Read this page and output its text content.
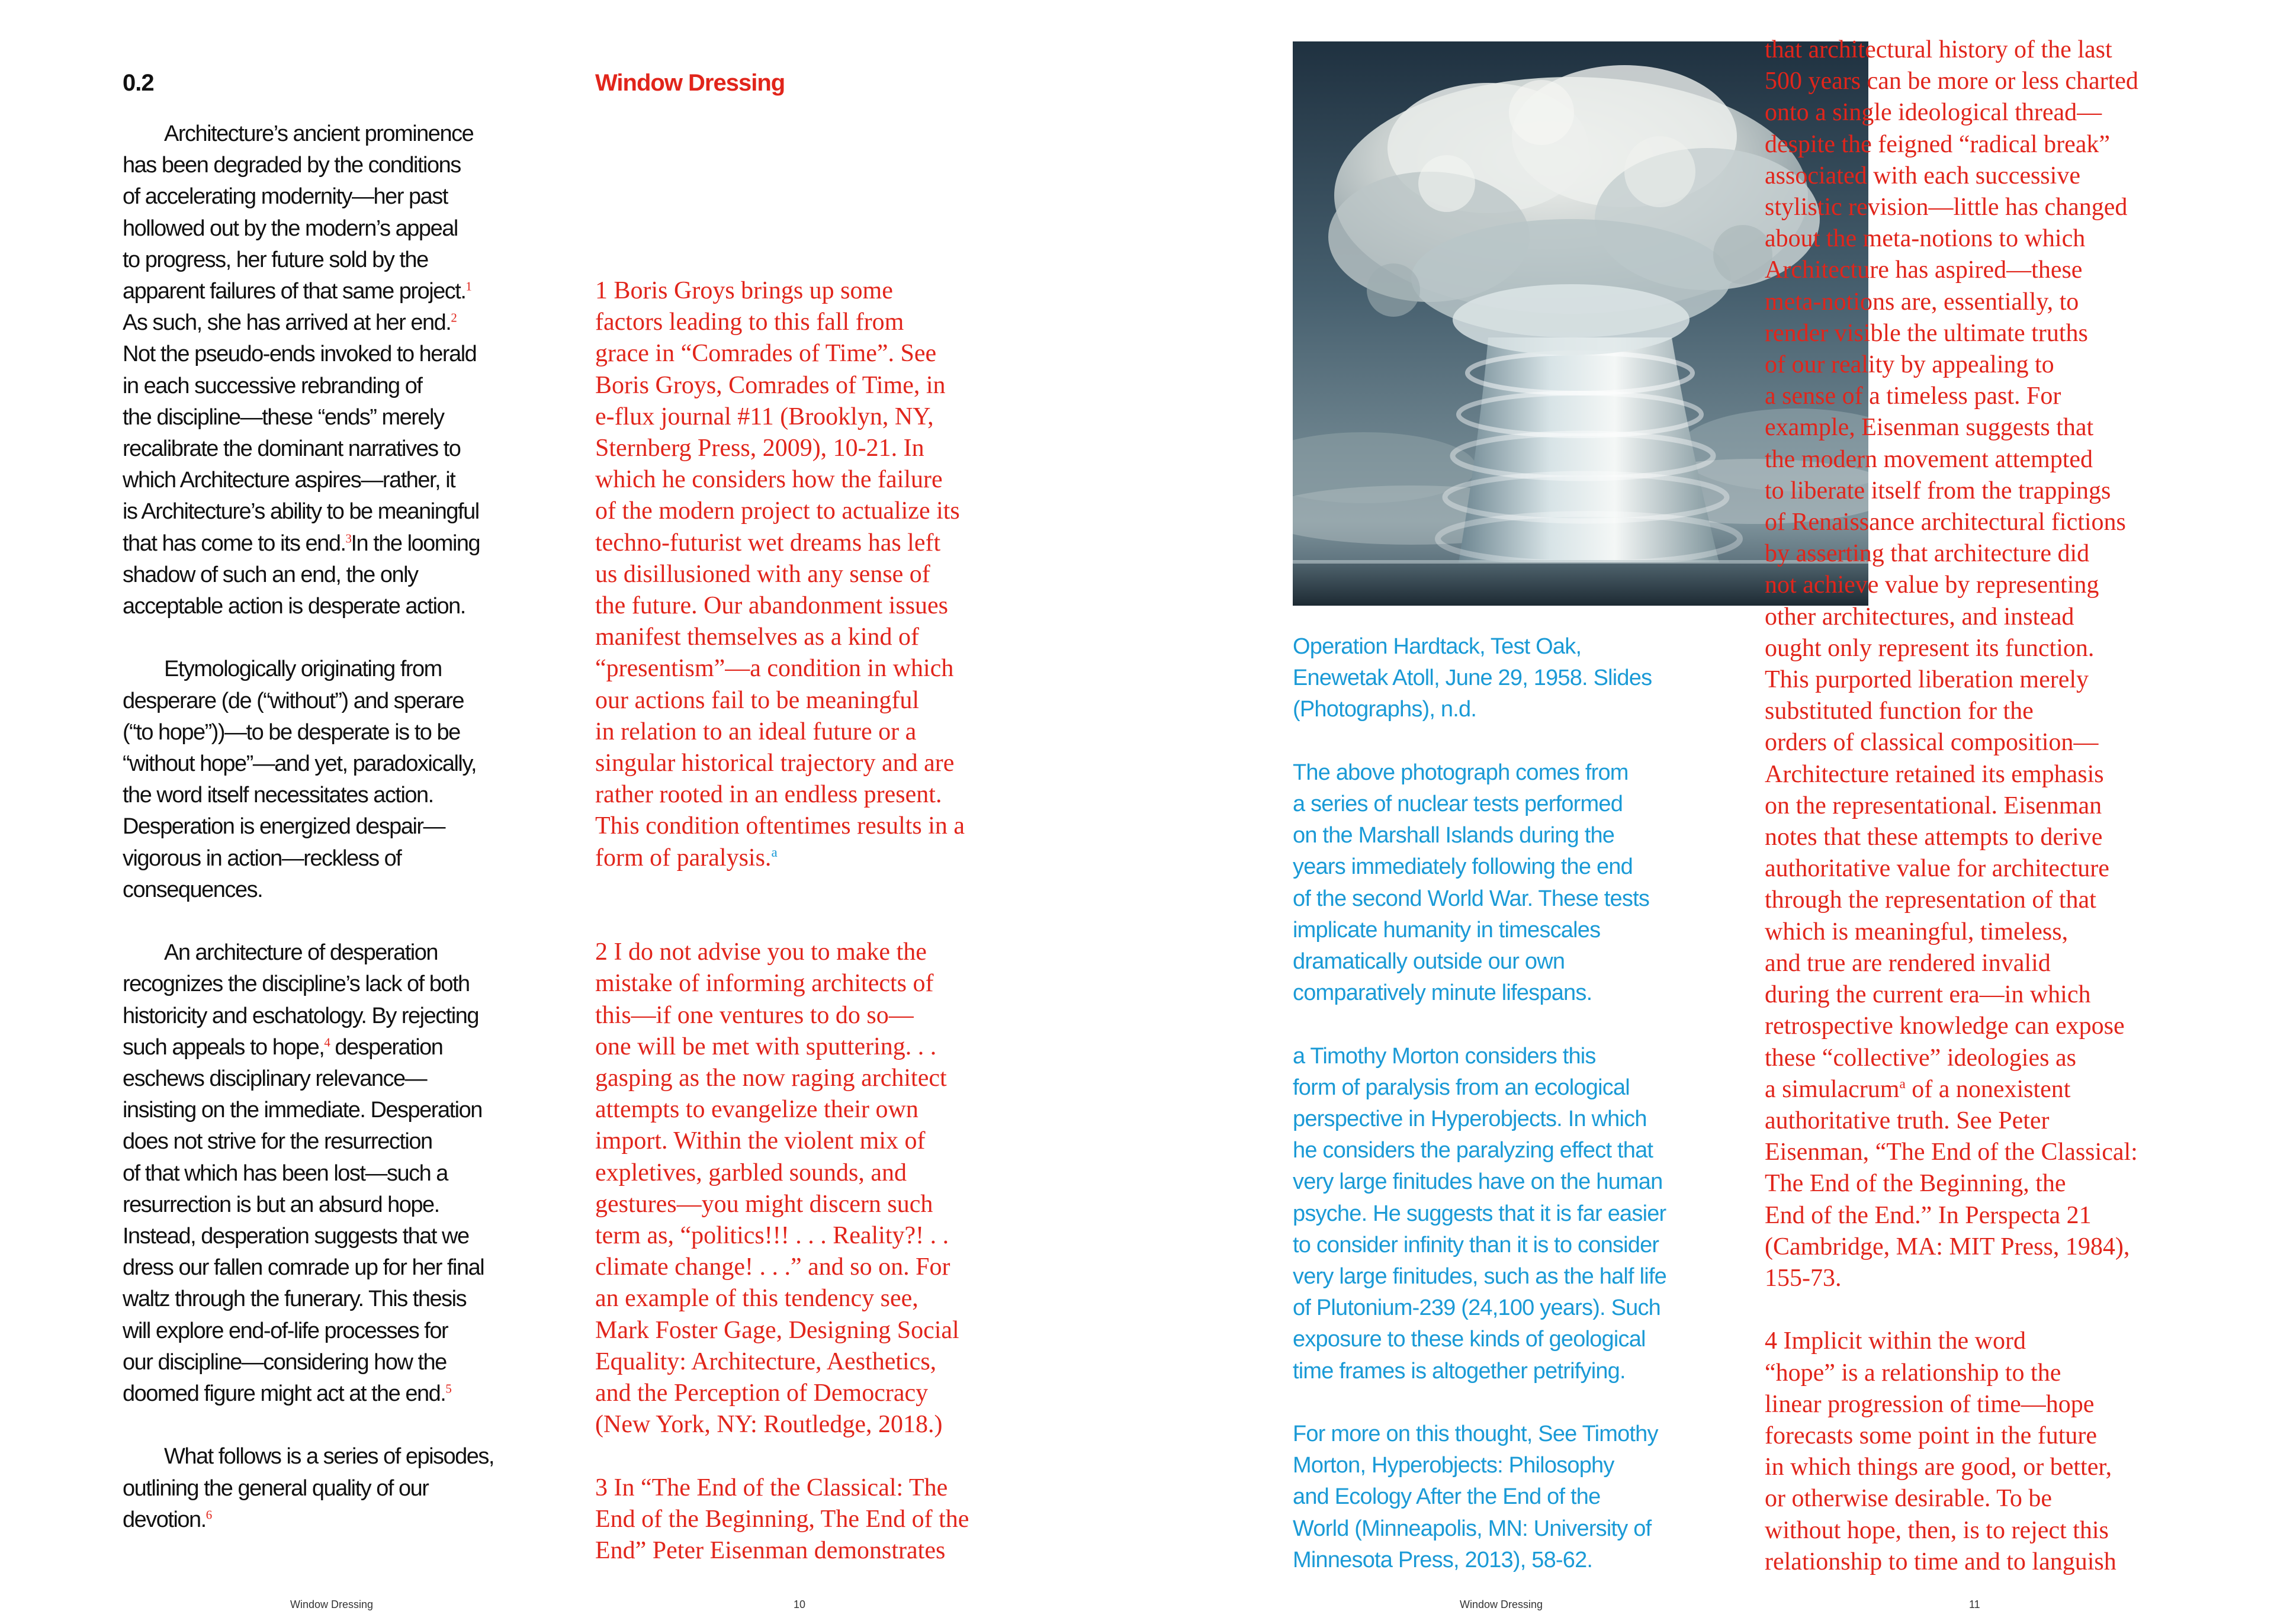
0.2	Window Dressing

Architecture’s ancient prominence
has been degraded by the conditions
of accelerating modernity—her past
hollowed out by the modern’s appeal
to progress, her future sold by the
apparent failures of that same project.$^1$
As such, she has arrived at her end.$^2$
Not the pseudo-ends invoked to herald
in each successive rebranding of
the discipline—these “ends” merely
recalibrate the dominant narratives to
which Architecture aspires—rather, it
is Architecture’s ability to be meaningful
that has come to its end.$^3$In the looming
shadow of such an end, the only
acceptable action is desperate action.

Etymologically originating from
desperare (de (“without”) and sperare
(“to hope”))—to be desperate is to be
“without hope”—and yet, paradoxically,
the word itself necessitates action.
Desperation is energized despair—
vigorous in action—reckless of
consequences.

An architecture of desperation
recognizes the discipline’s lack of both
historicity and eschatology. By rejecting
such appeals to hope,$^4$ desperation
eschews disciplinary relevance—
insisting on the immediate. Desperation
does not strive for the resurrection
of that which has been lost—such a
resurrection is but an absurd hope.
Instead, desperation suggests that we
dress our fallen comrade up for her final
waltz through the funerary. This thesis
will explore end-of-life processes for
our discipline—considering how the
doomed figure might act at the end.$^5$

What follows is a series of episodes,
outlining the general quality of our
devotion.$^6$

1 Boris Groys brings up some
factors leading to this fall from
grace in “Comrades of Time”. See
Boris Groys, Comrades of Time, in
e-flux journal #11 (Brooklyn, NY,
Sternberg Press, 2009), 10-21. In
which he considers how the failure
of the modern project to actualize its
techno-futurist wet dreams has left
us disillusioned with any sense of
the future. Our abandonment issues
manifest themselves as a kind of
“presentism”—a condition in which
our actions fail to be meaningful
in relation to an ideal future or a
singular historical trajectory and are
rather rooted in an endless present.
This condition oftentimes results in a
form of paralysis.$^a$

2 I do not advise you to make the
mistake of informing architects of
this—if one ventures to do so—
one will be met with sputtering. . .
gasping as the now raging architect
attempts to evangelize their own
import. Within the violent mix of
expletives, garbled sounds, and
gestures—you might discern such
term as, “politics!!! . . . Reality?! . .
climate change! . . .” and so on. For
an example of this tendency see,
Mark Foster Gage, Designing Social
Equality: Architecture, Aesthetics,
and the Perception of Democracy
(New York, NY: Routledge, 2018.)

3 In “The End of the Classical: The
End of the Beginning, The End of the
End” Peter Eisenman demonstrates

Window Dressing	10

Operation Hardtack, Test Oak,
Enewetak Atoll, June 29, 1958. Slides
(Photographs), n.d.

The above photograph comes from
a series of nuclear tests performed
on the Marshall Islands during the
years immediately following the end
of the second World War. These tests
implicate humanity in timescales
dramatically outside our own
comparatively minute lifespans.

a Timothy Morton considers this
form of paralysis from an ecological
perspective in Hyperobjects. In which
he considers the paralyzing effect that
very large finitudes have on the human
psyche. He suggests that it is far easier
to consider infinity than it is to consider
very large finitudes, such as the half life
of Plutonium-239 (24,100 years). Such
exposure to these kinds of geological
time frames is altogether petrifying.

For more on this thought, See Timothy
Morton, Hyperobjects: Philosophy
and Ecology After the End of the
World (Minneapolis, MN: University of
Minnesota Press, 2013), 58-62.

that architectural history of the last
500 years can be more or less charted
onto a single ideological thread—
despite the feigned “radical break”
associated with each successive
stylistic revision—little has changed
about the meta-notions to which
Architecture has aspired—these
meta-notions are, essentially, to
render visible the ultimate truths
of our reality by appealing to
a sense of a timeless past. For
example, Eisenman suggests that
the modern movement attempted
to liberate itself from the trappings
of Renaissance architectural fictions
by asserting that architecture did
not achieve value by representing
other architectures, and instead
ought only represent its function.
This purported liberation merely
substituted function for the
orders of classical composition—
Architecture retained its emphasis
on the representational. Eisenman
notes that these attempts to derive
authoritative value for architecture
through the representation of that
which is meaningful, timeless,
and true are rendered invalid
during the current era—in which
retrospective knowledge can expose
these “collective” ideologies as
a simulacrum$^a$ of a nonexistent
authoritative truth. See Peter
Eisenman, “The End of the Classical:
The End of the Beginning, the
End of the End.” In Perspecta 21
(Cambridge, MA: MIT Press, 1984),
155-73.

4 Implicit within the word
“hope” is a relationship to the
linear progression of time—hope
forecasts some point in the future
in which things are good, or better,
or otherwise desirable. To be
without hope, then, is to reject this
relationship to time and to languish

Window Dressing	11
